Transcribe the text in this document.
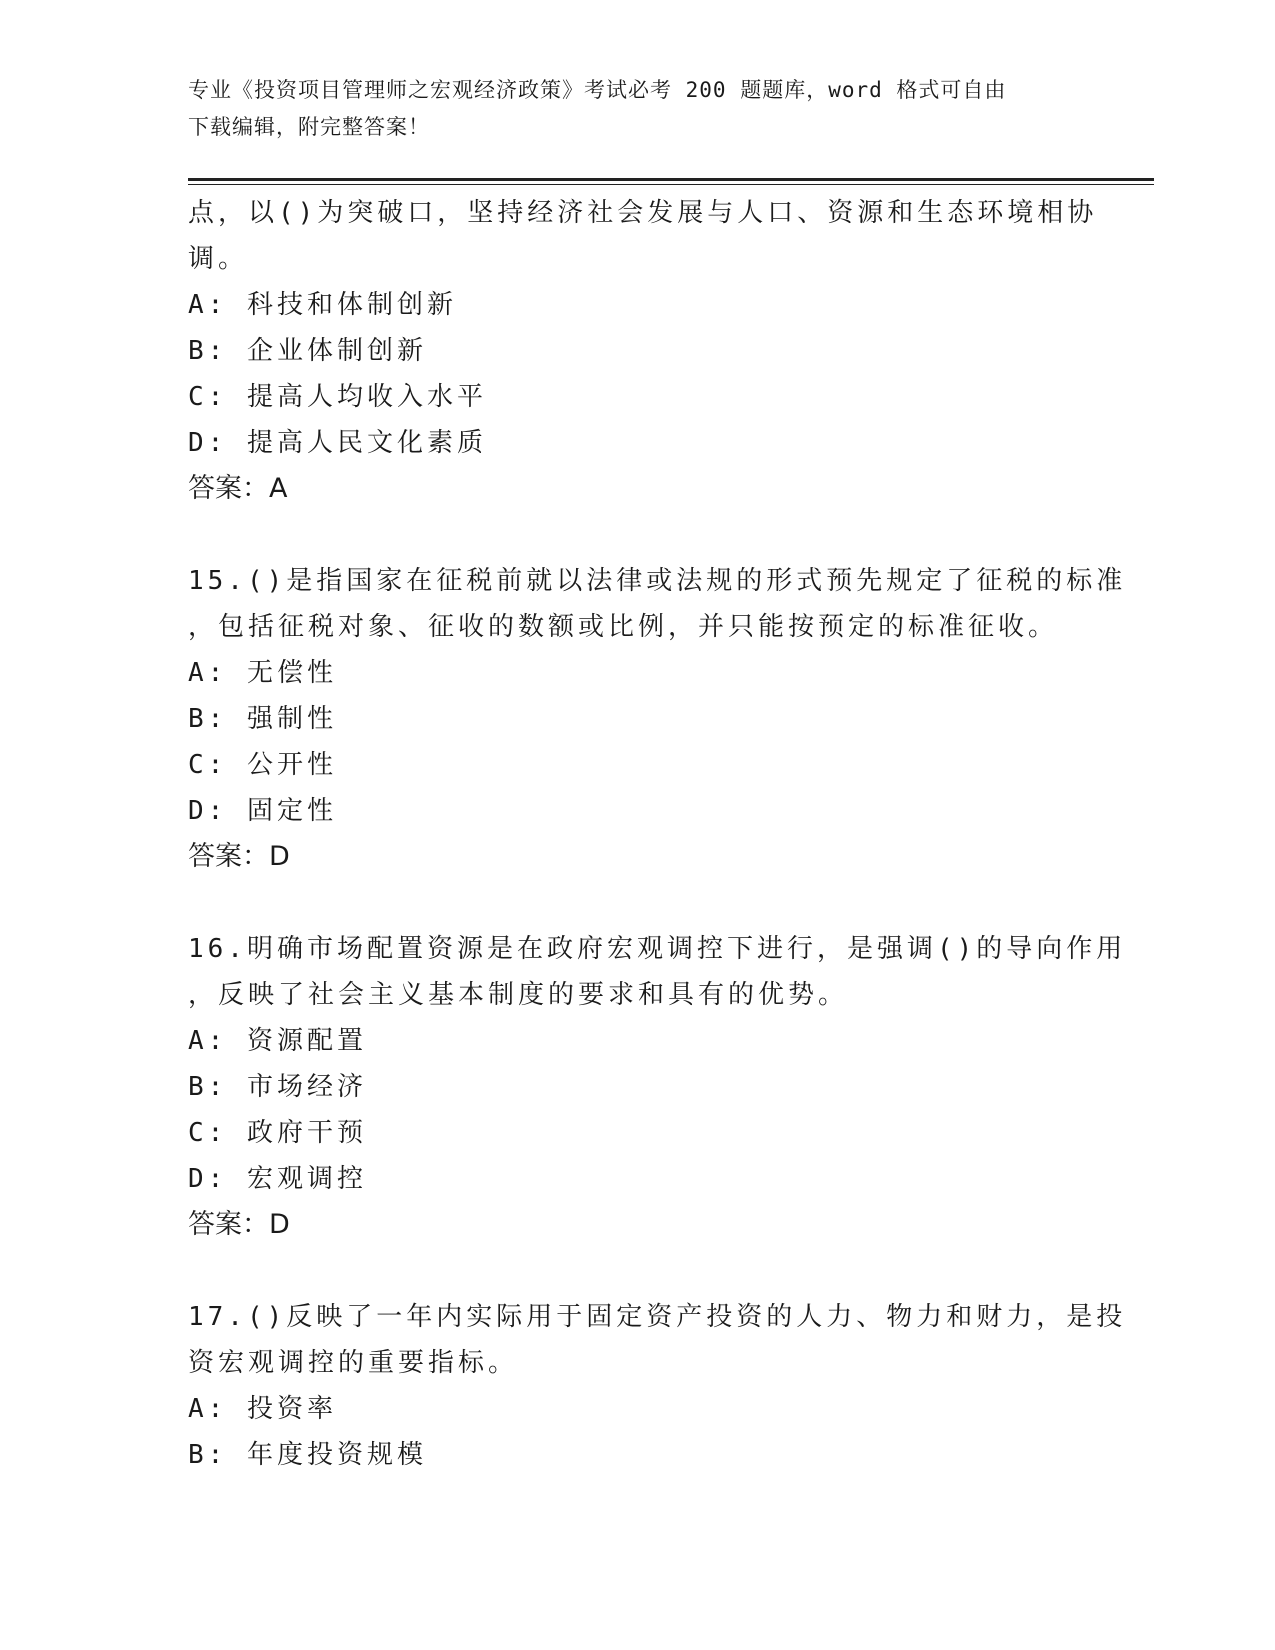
专业《投资项目管理师之宏观经济政策》考试必考 200 题题库，word 格式可自由
下载编辑，附完整答案！
点，以()为突破口，坚持经济社会发展与人口、资源和生态环境相协
调。
A: 科技和体制创新
B: 企业体制创新
C: 提高人均收入水平
D: 提高人民文化素质
答案：A
15.()是指国家在征税前就以法律或法规的形式预先规定了征税的标准
，包括征税对象、征收的数额或比例，并只能按预定的标准征收。
A: 无偿性
B: 强制性
C: 公开性
D: 固定性
答案：D
16.明确市场配置资源是在政府宏观调控下进行，是强调()的导向作用
，反映了社会主义基本制度的要求和具有的优势。
A: 资源配置
B: 市场经济
C: 政府干预
D: 宏观调控
答案：D
17.()反映了一年内实际用于固定资产投资的人力、物力和财力，是投
资宏观调控的重要指标。
A: 投资率
B: 年度投资规模
